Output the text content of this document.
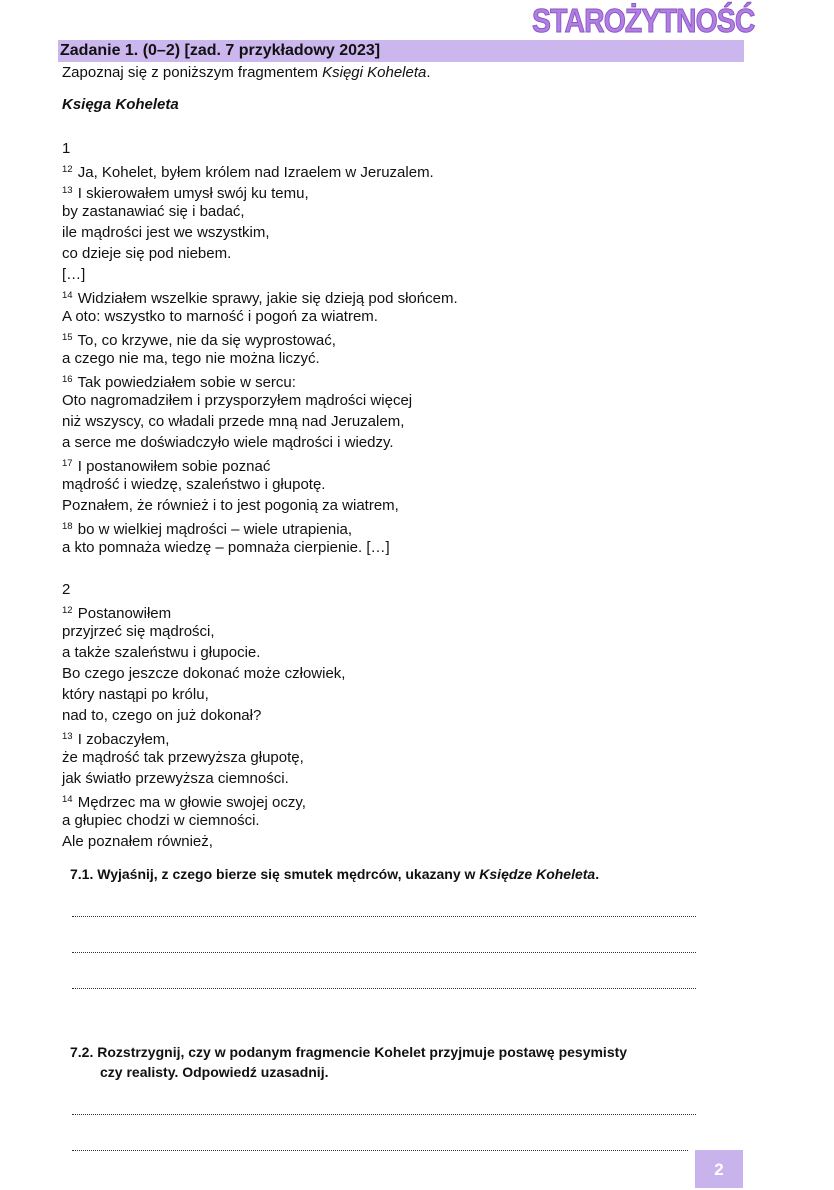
STAROŻYTNOŚĆ
Zadanie 1. (0–2) [zad. 7 przykładowy 2023]
Zapoznaj się z poniższym fragmentem Księgi Koheleta.
Księga Koheleta
1
$^{12}$ Ja, Kohelet, byłem królem nad Izraelem w Jeruzalem.
$^{13}$ I skierowałem umysł swój ku temu,
by zastanawiać się i badać,
ile mądrości jest we wszystkim,
co dzieje się pod niebem.
[…]
$^{14}$ Widziałem wszelkie sprawy, jakie się dzieją pod słońcem.
A oto: wszystko to marność i pogoń za wiatrem.
$^{15}$ To, co krzywe, nie da się wyprostować,
a czego nie ma, tego nie można liczyć.
$^{16}$ Tak powiedziałem sobie w sercu:
Oto nagromadziłem i przysporzyłem mądrości więcej
niż wszyscy, co władali przede mną nad Jeruzalem,
a serce me doświadczyło wiele mądrości i wiedzy.
$^{17}$ I postanowiłem sobie poznać
mądrość i wiedzę, szaleństwo i głupotę.
Poznałem, że również i to jest pogonią za wiatrem,
$^{18}$ bo w wielkiej mądrości – wiele utrapienia,
a kto pomnaża wiedzę – pomnaża cierpienie. […]
2
$^{12}$ Postanowiłem
przyjrzeć się mądrości,
a także szaleństwu i głupocie.
Bo czego jeszcze dokonać może człowiek,
który nastąpi po królu,
nad to, czego on już dokonał?
$^{13}$ I zobaczyłem,
że mądrość tak przewyższa głupotę,
jak światło przewyższa ciemności.
$^{14}$ Mędrzec ma w głowie swojej oczy,
a głupiec chodzi w ciemności.
Ale poznałem również,
7.1. Wyjaśnij, z czego bierze się smutek mędrców, ukazany w Księdze Koheleta.
7.2. Rozstrzygnij, czy w podanym fragmencie Kohelet przyjmuje postawę pesymisty
czy realisty. Odpowiedź uzasadnij.
2
